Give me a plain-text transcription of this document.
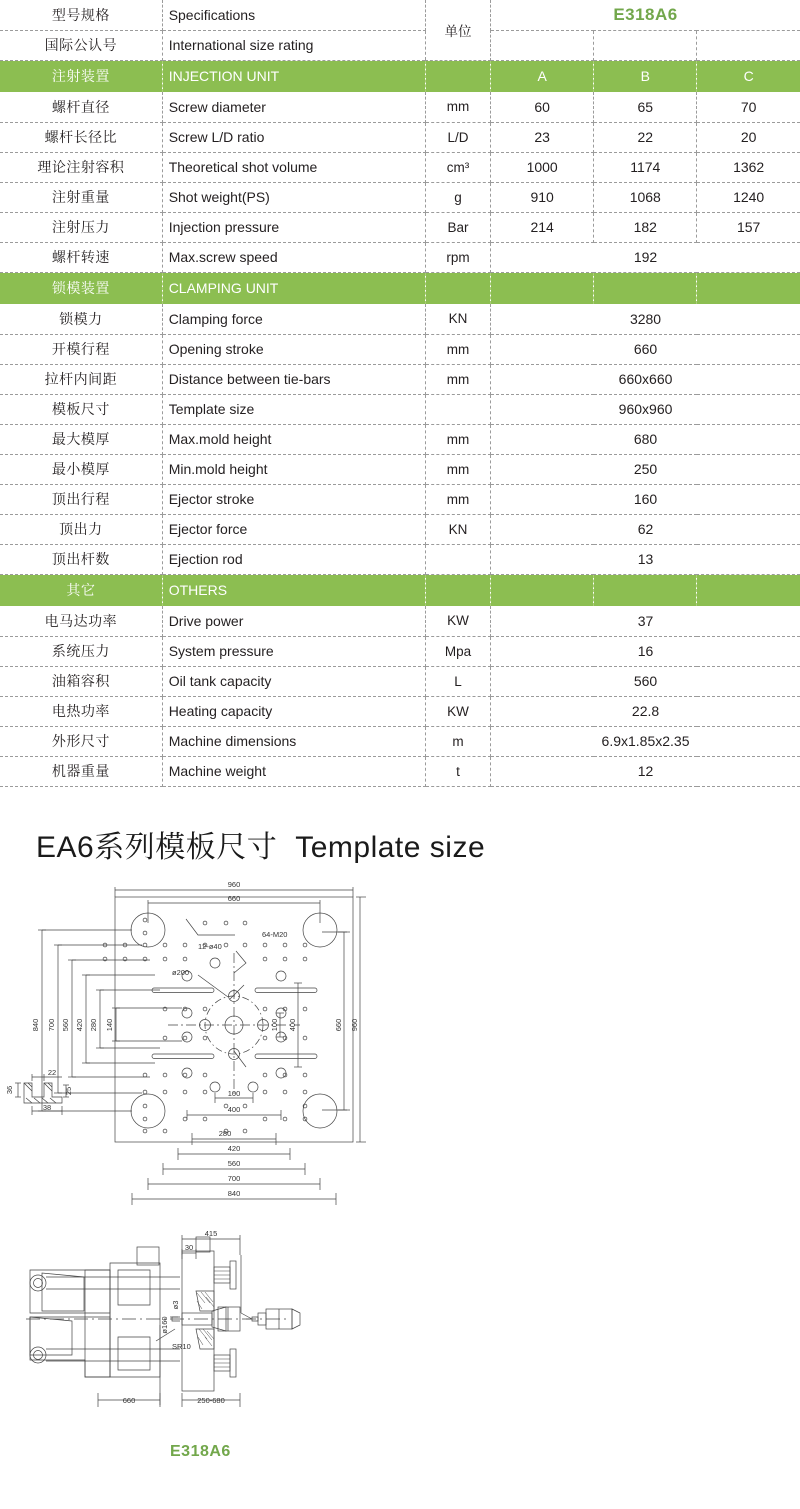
型号规格	Specifications	单位	E318A6		
国际公认号	International size rating				
注射装置	INJECTION UNIT		A	B	C
螺杆直径	Screw diameter	mm	60	65	70
螺杆长径比	Screw L/D ratio	L/D	23	22	20
理论注射容积	Theoretical shot volume	cm³	1000	1174	1362
注射重量	Shot weight(PS)	g	910	1068	1240
注射压力	Injection pressure	Bar	214	182	157
螺杆转速	Max.screw speed	rpm	192		
锁模装置	CLAMPING UNIT				
锁模力	Clamping force	KN	3280		
开模行程	Opening stroke	mm	660		
拉杆内间距	Distance between tie-bars	mm	660x660		
模板尺寸	Template size		960x960		
最大模厚	Max.mold height	mm	680		
最小模厚	Min.mold height	mm	250		
顶出行程	Ejector stroke	mm	160		
顶出力	Ejector force	KN	62		
顶出杆数	Ejection rod		13		
其它	OTHERS				
电马达功率	Drive power	KW	37		
系统压力	System pressure	Mpa	16		
油箱容积	Oil tank capacity	L	560		
电热功率	Heating capacity	KW	22.8		
外形尺寸	Machine dimensions	m	6.9x1.85x2.35		
机器重量	Machine weight	t	12		
EA6系列模板尺寸 Template size
960
660
280
420
560
700
840
100
400
840 700 560 420 280 140	960
660
400
100
64-M20
12-ø40
ø200
22
36	25
38
415
30
660	250-680
ø3
ø160
SR10
E318A6
